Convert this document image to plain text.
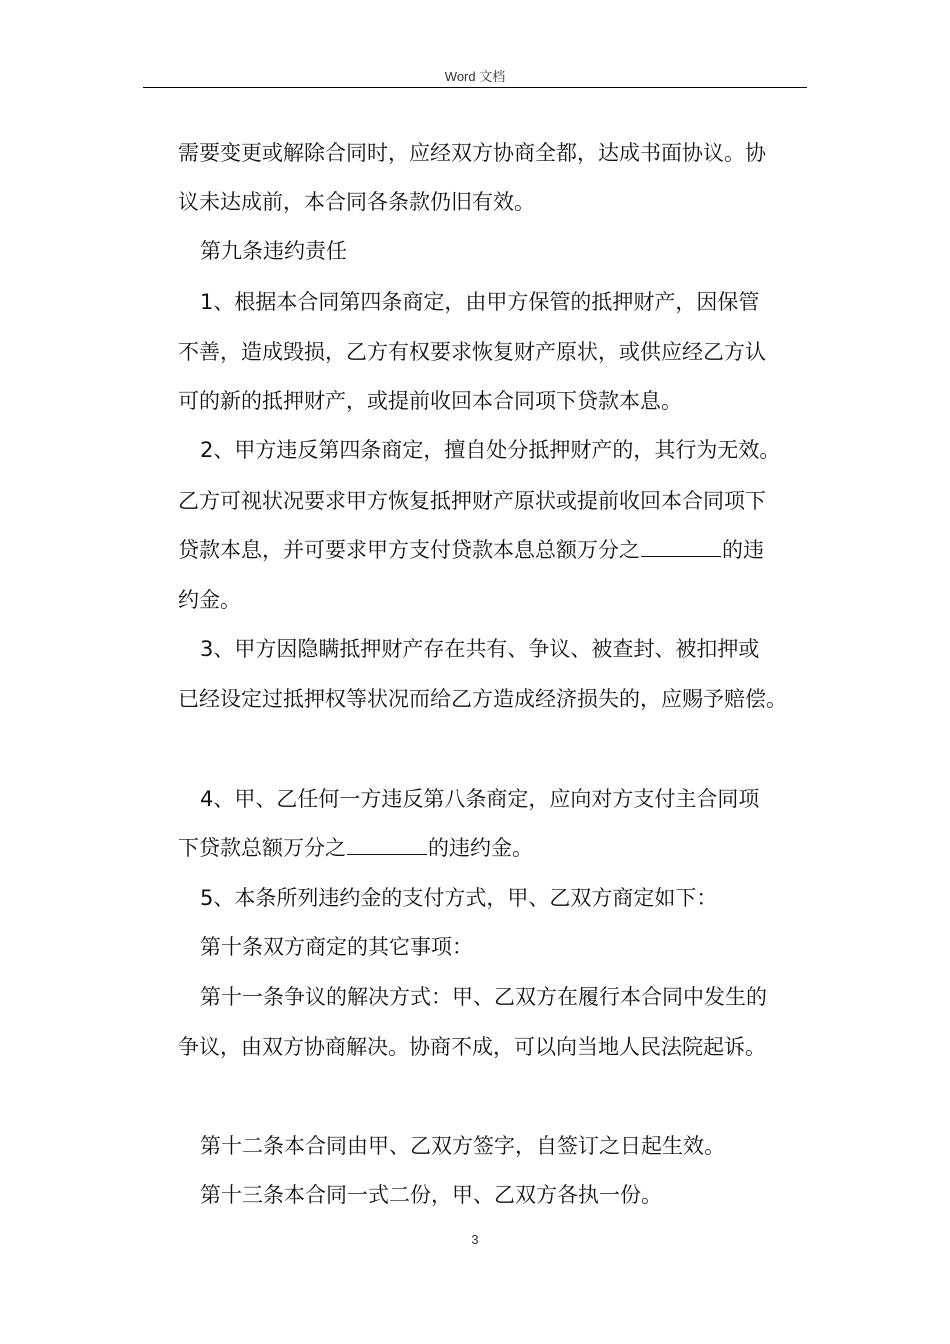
Word 文档
需要变更或解除合同时，应经双方协商全都，达成书面协议。协
议未达成前，本合同各条款仍旧有效。
第九条违约责任
1、根据本合同第四条商定，由甲方保管的抵押财产，因保管
不善，造成毁损，乙方有权要求恢复财产原状，或供应经乙方认
可的新的抵押财产，或提前收回本合同项下贷款本息。
2、甲方违反第四条商定，擅自处分抵押财产的，其行为无效。
乙方可视状况要求甲方恢复抵押财产原状或提前收回本合同项下
贷款本息，并可要求甲方支付贷款本息总额万分之	的违
约金。
3、甲方因隐瞒抵押财产存在共有、争议、被查封、被扣押或
已经设定过抵押权等状况而给乙方造成经济损失的，应赐予赔偿。
4、甲、乙任何一方违反第八条商定，应向对方支付主合同项
下贷款总额万分之	的违约金。
5、本条所列违约金的支付方式，甲、乙双方商定如下：
第十条双方商定的其它事项：
第十一条争议的解决方式：甲、乙双方在履行本合同中发生的
争议，由双方协商解决。协商不成，可以向当地人民法院起诉。
第十二条本合同由甲、乙双方签字，自签订之日起生效。
第十三条本合同一式二份，甲、乙双方各执一份。
3
